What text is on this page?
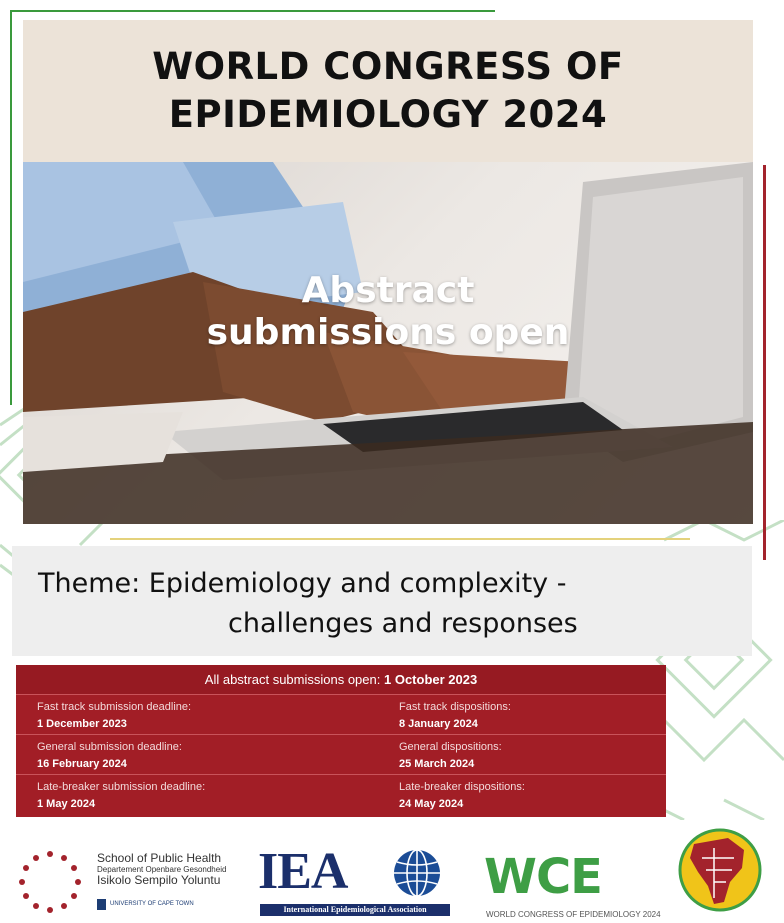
WORLD CONGRESS OF
EPIDEMIOLOGY 2024
Abstract
submissions open
Theme: Epidemiology and complexity -
challenges and responses
All abstract submissions open: 1 October 2023
Fast track submission deadline:
1 December 2023
Fast track dispositions:
8 January 2024
General submission deadline:
16 February 2024
General dispositions:
25 March 2024
Late-breaker submission deadline:
1 May 2024
Late-breaker dispositions:
24 May 2024
School of Public Health
Departement Openbare Gesondheid
Isikolo Sempilo Yoluntu
UNIVERSITY OF CAPE TOWN
IEA
International Epidemiological Association
WCE
WORLD CONGRESS OF EPIDEMIOLOGY 2024
